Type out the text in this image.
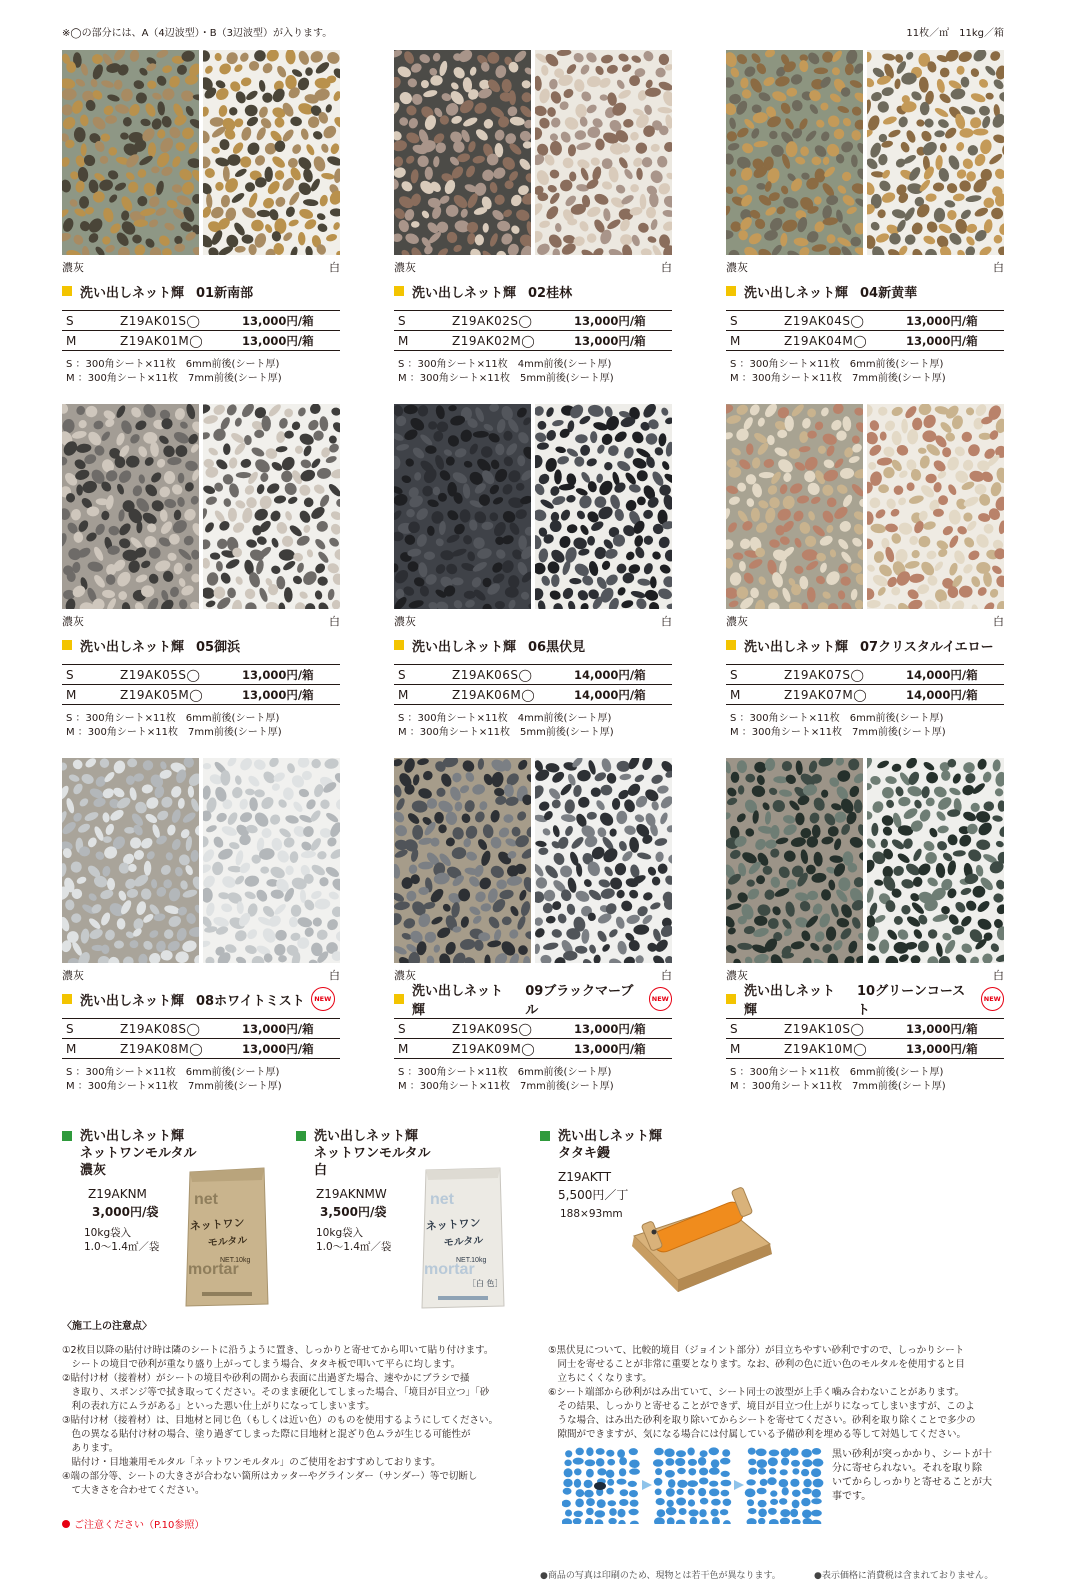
※◯の部分には、A（4辺波型）・B（3辺波型）が入ります。	11枚／㎡　11kg／箱
濃灰	白
洗い出しネット輝 01新南部
S	Z19AK01S◯	13,000円/箱
M	Z19AK01M◯	13,000円/箱
S ：300角シート×11枚　6mm前後(シート厚)
M ：300角シート×11枚　7mm前後(シート厚)
濃灰	白
洗い出しネット輝 02桂林
S	Z19AK02S◯	13,000円/箱
M	Z19AK02M◯	13,000円/箱
S ：300角シート×11枚　4mm前後(シート厚)
M ：300角シート×11枚　5mm前後(シート厚)
濃灰	白
洗い出しネット輝 04新黄華
S	Z19AK04S◯	13,000円/箱
M	Z19AK04M◯	13,000円/箱
S ：300角シート×11枚　6mm前後(シート厚)
M ：300角シート×11枚　7mm前後(シート厚)
濃灰	白
洗い出しネット輝 05御浜
S	Z19AK05S◯	13,000円/箱
M	Z19AK05M◯	13,000円/箱
S ：300角シート×11枚　6mm前後(シート厚)
M ：300角シート×11枚　7mm前後(シート厚)
濃灰	白
洗い出しネット輝 06黒伏見
S	Z19AK06S◯	14,000円/箱
M	Z19AK06M◯	14,000円/箱
S ：300角シート×11枚　4mm前後(シート厚)
M ：300角シート×11枚　5mm前後(シート厚)
濃灰	白
洗い出しネット輝 07クリスタルイエロー
S	Z19AK07S◯	14,000円/箱
M	Z19AK07M◯	14,000円/箱
S ：300角シート×11枚　6mm前後(シート厚)
M ：300角シート×11枚　7mm前後(シート厚)
濃灰	白
洗い出しネット輝 08ホワイトミスト	NEW
S	Z19AK08S◯	13,000円/箱
M	Z19AK08M◯	13,000円/箱
S ：300角シート×11枚　6mm前後(シート厚)
M ：300角シート×11枚　7mm前後(シート厚)
濃灰	白
洗い出しネット輝
09ブラックマーブル
NEW
S	Z19AK09S◯	13,000円/箱
M	Z19AK09M◯	13,000円/箱
S ：300角シート×11枚　6mm前後(シート厚)
M ：300角シート×11枚　7mm前後(シート厚)
濃灰	白
洗い出しネット輝
10グリーンコースト
NEW
S	Z19AK10S◯	13,000円/箱
M	Z19AK10M◯	13,000円/箱
S ：300角シート×11枚　6mm前後(シート厚)
M ：300角シート×11枚　7mm前後(シート厚)
洗い出しネット輝
ネットワンモルタル　濃灰
Z19AKNM
3,000円/袋
10kg袋入
1.0〜1.4㎡／袋
洗い出しネット輝
ネットワンモルタル　白
Z19AKNMW
3,500円/袋
10kg袋入
1.0〜1.4㎡／袋
洗い出しネット輝
タタキ鏝
Z19AKTT
5,500円／丁
188×93mm
net
ネットワン
モルタル
mortar
NET.10kg
net
ネットワン
モルタル
mortar
NET.10kg
［白 色］
〈施工上の注意点〉
①2枚目以降の貼付け時は隣のシートに沿うように置き、しっかりと寄せてから叩いて貼り付けます。
　シートの境目で砂利が重なり盛り上がってしまう場合、タタキ板で叩いて平らに均します。
②貼付け材（接着材）がシートの境目や砂利の間から表面に出過ぎた場合、速やかにブラシで掻
　き取り、スポンジ等で拭き取ってください。そのまま硬化してしまった場合、「境目が目立つ」「砂
　利の表れ方にムラがある」といった悪い仕上がりになってしまいます。
③貼付け材（接着材）は、目地材と同じ色（もしくは近い色）のものを使用するようにしてください。
　色の異なる貼付け材の場合、塗り過ぎてしまった際に目地材と混ざり色ムラが生じる可能性が
　あります。
　貼付け・目地兼用モルタル「ネットワンモルタル」のご使用をおすすめしております。
④端の部分等、シートの大きさが合わない箇所はカッターやグラインダー（サンダー）等で切断し
　て大きさを合わせてください。
⑤黒伏見について、比較的境目（ジョイント部分）が目立ちやすい砂利ですので、しっかりシート
　同士を寄せることが非常に重要となります。なお、砂利の色に近い色のモルタルを使用すると目
　立ちにくくなります。
⑥シート端部から砂利がはみ出ていて、シート同士の波型が上手く噛み合わないことがあります。
　その結果、しっかりと寄せることができず、境目が目立つ仕上がりになってしまいますが、このよ
　うな場合、はみ出た砂利を取り除いてからシートを寄せてください。砂利を取り除くことで多少の
　隙間ができますが、気になる場合には付属している予備砂利を埋める等して対処してください。
黒い砂利が突っかかり、シートが十
分に寄せられない。それを取り除
いてからしっかりと寄せることが大
事です。
ご注意ください（P.10参照）
●商品の写真は印刷のため、現物とは若干色が異なります。	●表示価格に消費税は含まれておりません。
